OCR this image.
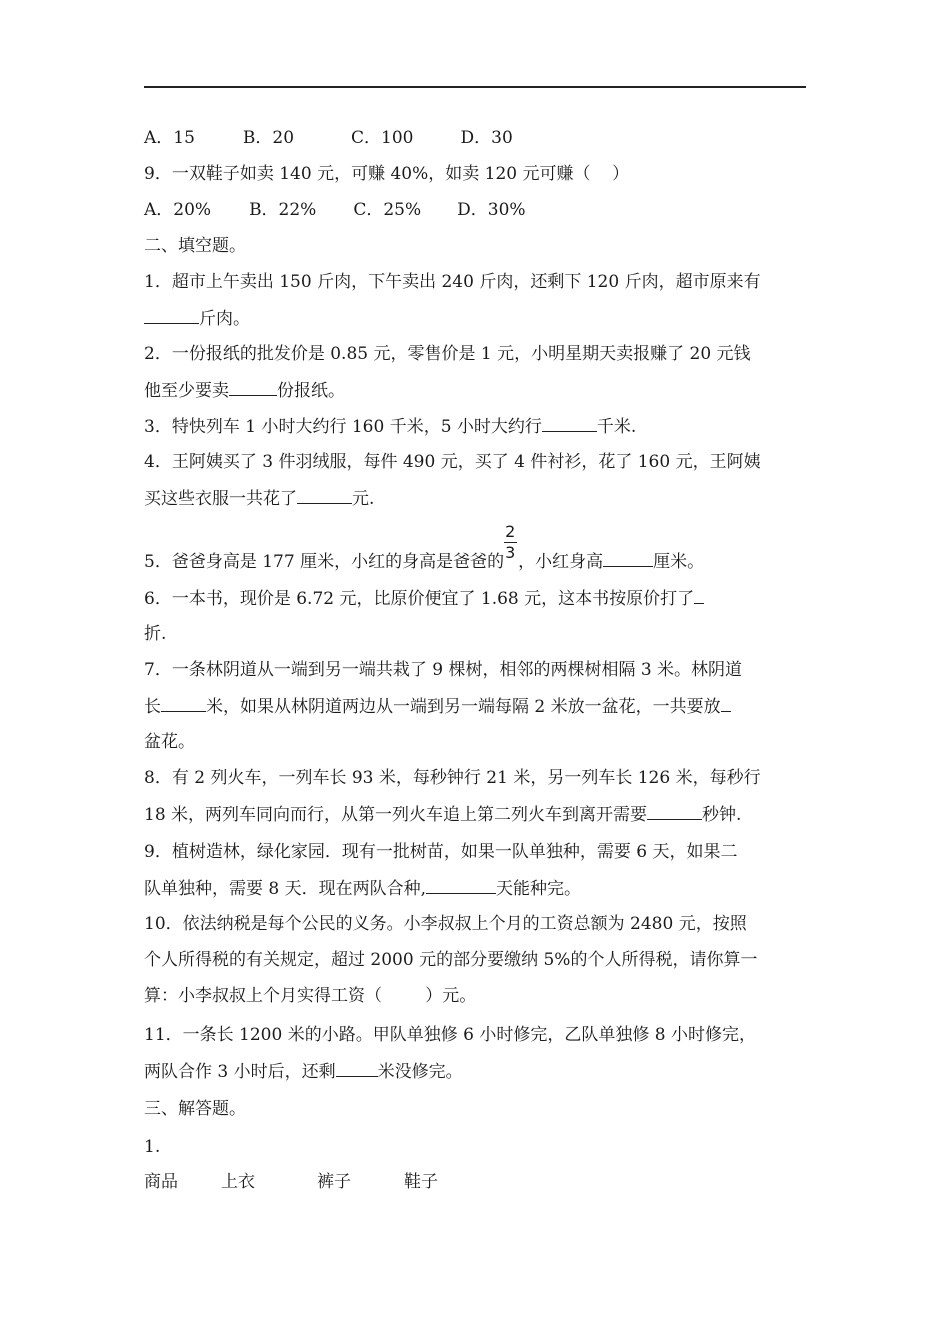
A．15	B．20	C．100	D．30
9．一双鞋子如卖 140 元，可赚 40%，如卖 120 元可赚（    ）
A．20% B．22% C．25% D．30%
二、填空题。
1．超市上午卖出 150 斤肉，下午卖出 240 斤肉，还剩下 120 斤肉，超市原来有
斤肉。
2．一份报纸的批发价是 0.85 元，零售价是 1 元，小明星期天卖报赚了 20 元钱
他至少要卖	份报纸。
3．特快列车 1 小时大约行 160 千米，5 小时大约行	千米.
4．王阿姨买了 3 件羽绒服，每件 490 元，买了 4 件衬衫，花了 160 元，王阿姨
买这些衣服一共花了	元.
5．爸爸身高是 177 厘米，小红的身高是爸爸的 $\frac{2}{3}$ ，小红身高	厘米。
6．一本书，现价是 6.72 元，比原价便宜了 1.68 元，这本书按原价打了
折.
7．一条林阴道从一端到另一端共栽了 9 棵树，相邻的两棵树相隔 3 米。林阴道
长	米，如果从林阴道两边从一端到另一端每隔 2 米放一盆花，一共要放
盆花。
8．有 2 列火车，一列车长 93 米，每秒钟行 21 米，另一列车长 126 米，每秒行
18 米，两列车同向而行，从第一列火车追上第二列火车到离开需要	秒钟.
9．植树造林，绿化家园．现有一批树苗，如果一队单独种，需要 6 天，如果二
队单独种，需要 8 天．现在两队合种,	天能种完。
10．依法纳税是每个公民的义务。小李叔叔上个月的工资总额为 2480 元，按照
个人所得税的有关规定，超过 2000 元的部分要缴纳 5%的个人所得税，请你算一
算：小李叔叔上个月实得工资（        ）元。
11．一条长 1200 米的小路。甲队单独修 6 小时修完，乙队单独修 8 小时修完，
两队合作 3 小时后，还剩 米没修完。
三、解答题。
1.
商品	上衣	裤子	鞋子
